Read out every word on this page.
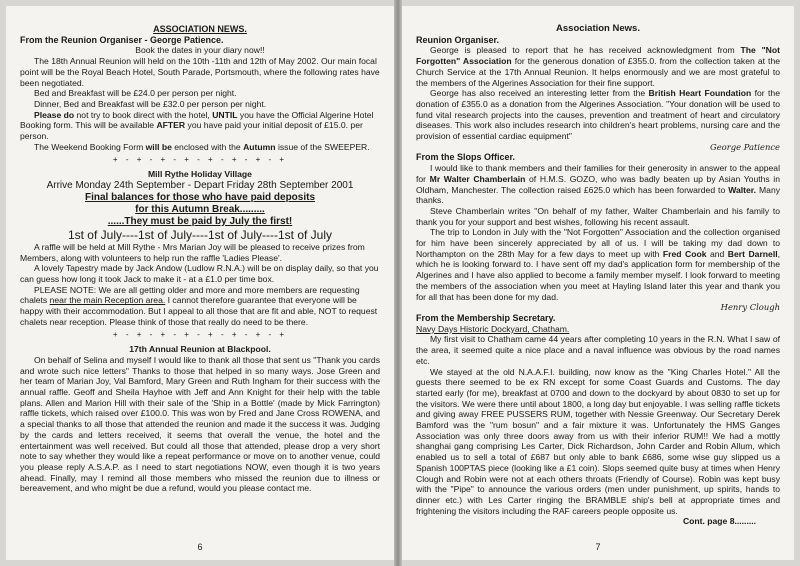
ASSOCIATION NEWS.

From the Reunion Organiser - George Patience.

Book the dates in your diary now!!

The 18th Annual Reunion will held on the 10th -11th and 12th of May 2002. Our main focal point will be the Royal Beach Hotel, South Parade, Portsmouth, where the following rates have been negotiated.

Bed and Breakfast will be £24.0 per person per night.

Dinner, Bed and Breakfast will be £32.0 per person per night.

Please do not try to book direct with the hotel, UNTIL you have the Official Algerine Hotel Booking form. This will be available AFTER you have paid your initial deposit of £15.0. per person.

The Weekend Booking Form will be enclosed with the Autumn issue of the SWEEPER.

+ - + - + - + - + - + - + - +

Mill Rythe Holiday Village

Arrive Monday 24th September - Depart Friday 28th September 2001

Final balances for those who have paid deposits

for this Autumn Break.........

......They must be paid by July the first!

1st of July----1st of July----1st of July----1st of July

A raffle will be held at Mill Rythe - Mrs Marian Joy will be pleased to receive prizes from Members, along with volunteers to help run the raffle 'Ladies Please'.

A lovely Tapestry made by Jack Andow (Ludlow R.N.A.) will be on display daily, so that you can guess how long it took Jack to make it - at a £1.0 per time box.

PLEASE NOTE: We are all getting older and more and more members are requesting chalets near the main Reception area. I cannot therefore guarantee that everyone will be happy with their accommodation. But I appeal to all those that are fit and able, NOT to request chalets near reception. Please think of those that really do need to be there.

+ - + - + - + - + - + - + - +

17th Annual Reunion at Blackpool.

On behalf of Selina and myself I would like to thank all those that sent us "Thank you cards and wrote such nice letters" Thanks to those that helped in so many ways. Jose Green and her team of Marian Joy, Val Bamford, Mary Green and Ruth Ingham for their success with the annual raffle. Geoff and Sheila Hayhoe with Jeff and Ann Knight for their help with the table plans. Allen and Marion Hill with their sale of the 'Ship in a Bottle' (made by Mick Farrington) raffle tickets, which raised over £100.0. This was won by Fred and Jane Cross ROWENA, and a special thanks to all those that attended the reunion and made it the success it was. Judging by the cards and letters received, it seems that overall the venue, the hotel and the entertainment was well received. But could all those that attended, please drop a very short note to say whether they would like a repeat performance or move on to another venue, could you please reply A.S.A.P. as I need to start negotiations NOW, even though it is two years ahead. Finally, may I remind all those members who missed the reunion due to illness or bereavement, and who might be due a refund, would you please contact me.

6

Association News.

Reunion Organiser.

George is pleased to report that he has received acknowledgment from The "Not Forgotten" Association for the generous donation of £355.0. from the collection taken at the Church Service at the 17th Annual Reunion. It helps enormously and we are most grateful to the members of the Algerines Association for their fine support.

George has also received an interesting letter from the British Heart Foundation for the donation of £355.0 as a donation from the Algerines Association. "Your donation will be used to fund vital research projects into the causes, prevention and treatment of heart and circulatory diseases. This work also includes research into children's heart problems, nursing care and the provision of essential cardiac equipment"

George Patience

From the Slops Officer.

I would like to thank members and their families for their generosity in answer to the appeal for Mr Walter Chamberlain of H.M.S. GOZO, who was badly beaten up by Asian Youths in Oldham, Manchester. The collection raised £625.0 which has been forwarded to Walter. Many thanks.

Steve Chamberlain writes "On behalf of my father, Walter Chamberlain and his family to thank you for your support and best wishes, following his recent assault.

The trip to London in July with the "Not Forgotten" Association and the collection organised for him have been sincerely appreciated by all of us. I will be taking my dad down to Northampton on the 28th May for a few days to meet up with Fred Cook and Bert Darnell, which he is looking forward to. I have sent off my dad's application form for membership of the Algerines and I have also applied to become a family member myself. I look forward to meeting the members of the association when you meet at Hayling Island later this year and thank you for all that has been done for my dad.

Henry Clough

From the Membership Secretary.

Navy Days Historic Dockyard, Chatham.

My first visit to Chatham came 44 years after completing 10 years in the R.N. What I saw of the area, it seemed quite a nice place and a naval influence was obvious by the road names etc.

We stayed at the old N.A.A.F.I. building, now know as the "King Charles Hotel." All the guests there seemed to be ex RN except for some Coast Guards and Customs. The day started early (for me), breakfast at 0700 and down to the dockyard by about 0830 to set up for the visitors. We were there until about 1800, a long day but enjoyable. I was selling raffle tickets and giving away FREE PUSSERS RUM, together with Nessie Greenway. Our Secretary Derek Bamford was the "rum bosun" and a fair mixture it was. Unfortunately the HMS Ganges Association was only three doors away from us with their inferior RUM!! We had a mottly shanghai gang comprising Les Carter, Dick Richardson, John Carder and Robin Allum, which enabled us to sell a total of £687 but only able to bank £686, some wise guy slipped us a Spanish 100PTAS piece (looking like a £1 coin). Slops seemed quite busy at times when Henry Clough and Robin were not at each others throats (Friendly of Course). Robin was kept busy with the "Pipe" to announce the various orders (men under punishment, up spirits, hands to dinner etc.) with Les Carter ringing the BRAMBLE ship's bell at appropriate times and frightening the visitors including the RAF careers people opposite us.

Cont. page 8.........

7
